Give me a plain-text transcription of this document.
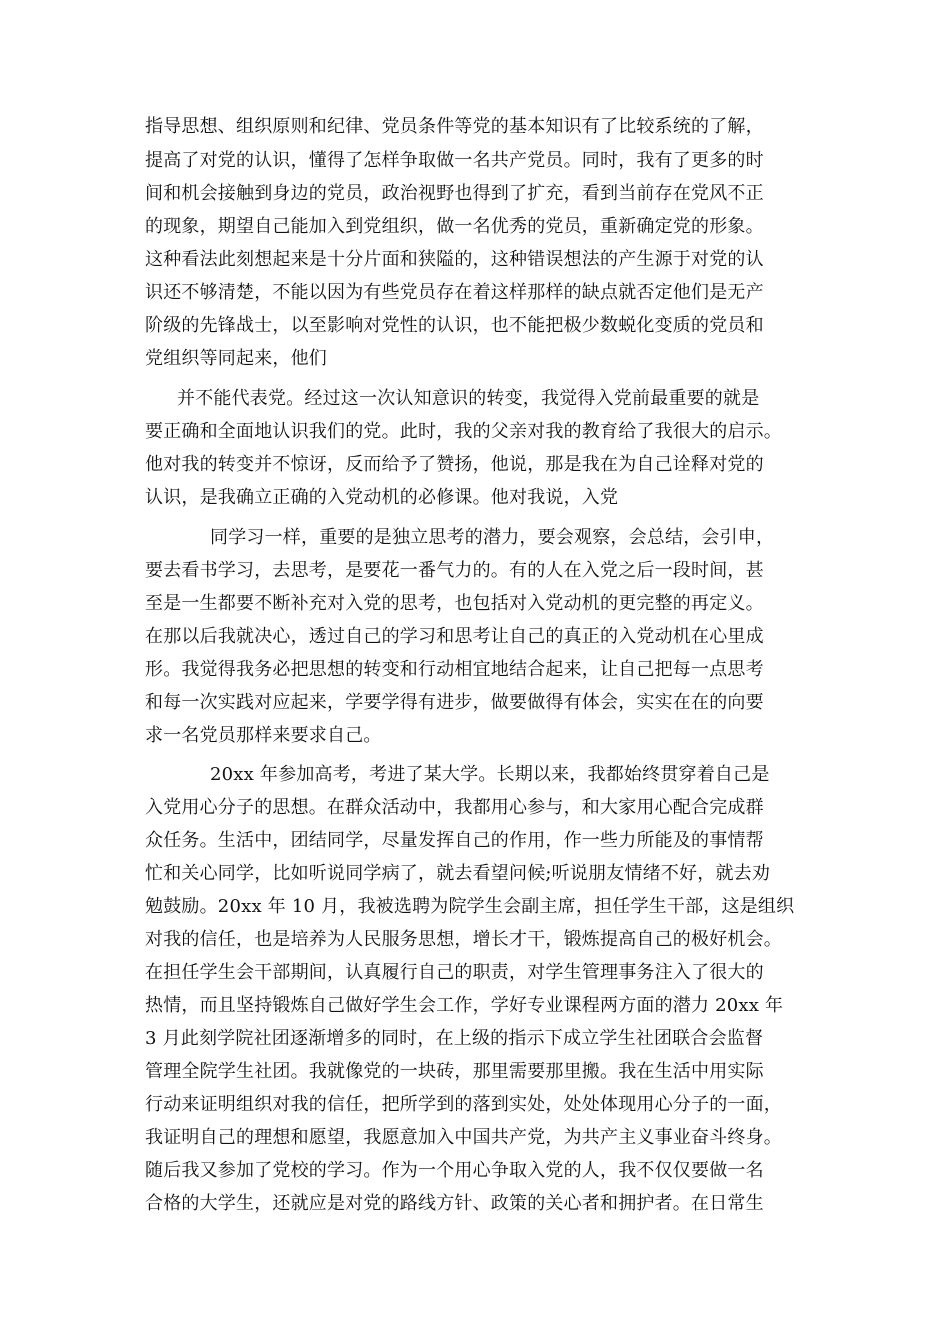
指导思想、组织原则和纪律、党员条件等党的基本知识有了比较系统的了解，
提高了对党的认识，懂得了怎样争取做一名共产党员。同时，我有了更多的时
间和机会接触到身边的党员，政治视野也得到了扩充，看到当前存在党风不正
的现象，期望自己能加入到党组织，做一名优秀的党员，重新确定党的形象。
这种看法此刻想起来是十分片面和狭隘的，这种错误想法的产生源于对党的认
识还不够清楚，不能以因为有些党员存在着这样那样的缺点就否定他们是无产
阶级的先锋战士，以至影响对党性的认识，也不能把极少数蜕化变质的党员和
党组织等同起来，他们
并不能代表党。经过这一次认知意识的转变，我觉得入党前最重要的就是
要正确和全面地认识我们的党。此时，我的父亲对我的教育给了我很大的启示。
他对我的转变并不惊讶，反而给予了赞扬，他说，那是我在为自己诠释对党的
认识，是我确立正确的入党动机的必修课。他对我说，入党
同学习一样，重要的是独立思考的潜力，要会观察，会总结，会引申，
要去看书学习，去思考，是要花一番气力的。有的人在入党之后一段时间，甚
至是一生都要不断补充对入党的思考，也包括对入党动机的更完整的再定义。
在那以后我就决心，透过自己的学习和思考让自己的真正的入党动机在心里成
形。我觉得我务必把思想的转变和行动相宜地结合起来，让自己把每一点思考
和每一次实践对应起来，学要学得有进步，做要做得有体会，实实在在的向要
求一名党员那样来要求自己。
20xx 年参加高考，考进了某大学。长期以来，我都始终贯穿着自己是
入党用心分子的思想。在群众活动中，我都用心参与，和大家用心配合完成群
众任务。生活中，团结同学，尽量发挥自己的作用，作一些力所能及的事情帮
忙和关心同学，比如听说同学病了，就去看望问候;听说朋友情绪不好，就去劝
勉鼓励。20xx 年 10 月，我被选聘为院学生会副主席，担任学生干部，这是组织
对我的信任，也是培养为人民服务思想，增长才干，锻炼提高自己的极好机会。
在担任学生会干部期间，认真履行自己的职责，对学生管理事务注入了很大的
热情，而且坚持锻炼自己做好学生会工作，学好专业课程两方面的潜力 20xx 年
3 月此刻学院社团逐渐增多的同时，在上级的指示下成立学生社团联合会监督
管理全院学生社团。我就像党的一块砖，那里需要那里搬。我在生活中用实际
行动来证明组织对我的信任，把所学到的落到实处，处处体现用心分子的一面，
我证明自己的理想和愿望，我愿意加入中国共产党，为共产主义事业奋斗终身。
随后我又参加了党校的学习。作为一个用心争取入党的人，我不仅仅要做一名
合格的大学生，还就应是对党的路线方针、政策的关心者和拥护者。在日常生
